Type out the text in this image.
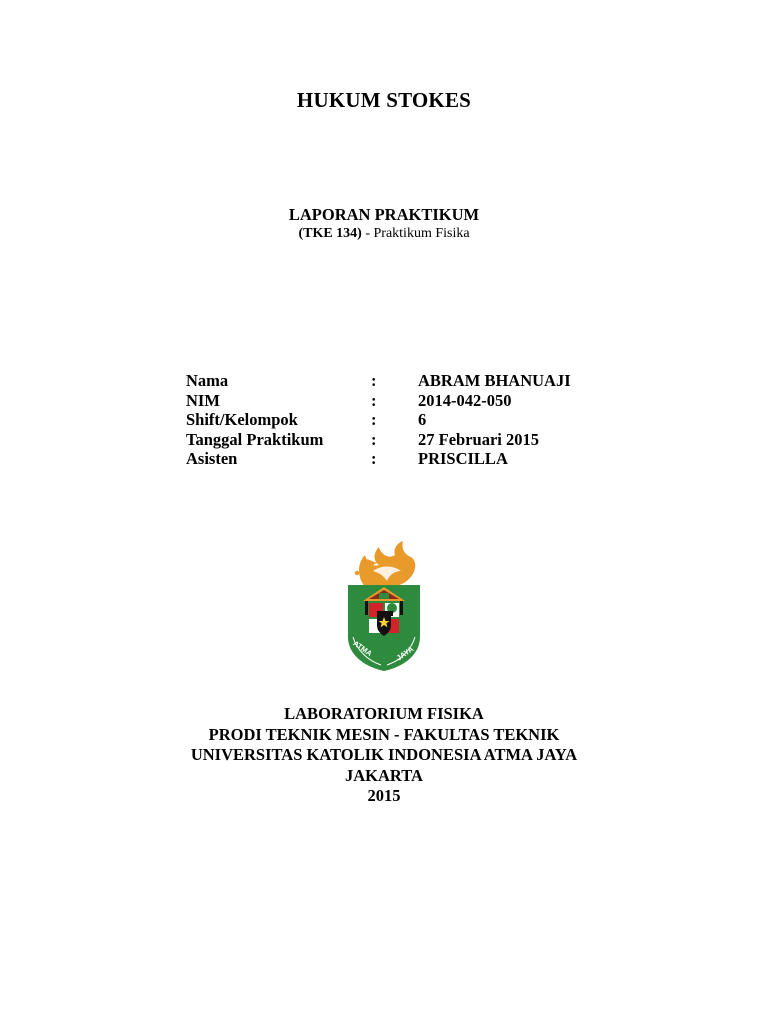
HUKUM STOKES
LAPORAN PRAKTIKUM
(TKE 134) - Praktikum Fisika
Nama	:	ABRAM BHANUAJI
NIM	:	2014-042-050
Shift/Kelompok	:	6
Tanggal Praktikum	:	27 Februari 2015
Asisten	:	PRISCILLA
ATMA	JAYA
LABORATORIUM FISIKA
PRODI TEKNIK MESIN - FAKULTAS TEKNIK
UNIVERSITAS KATOLIK INDONESIA ATMA JAYA
JAKARTA
2015
